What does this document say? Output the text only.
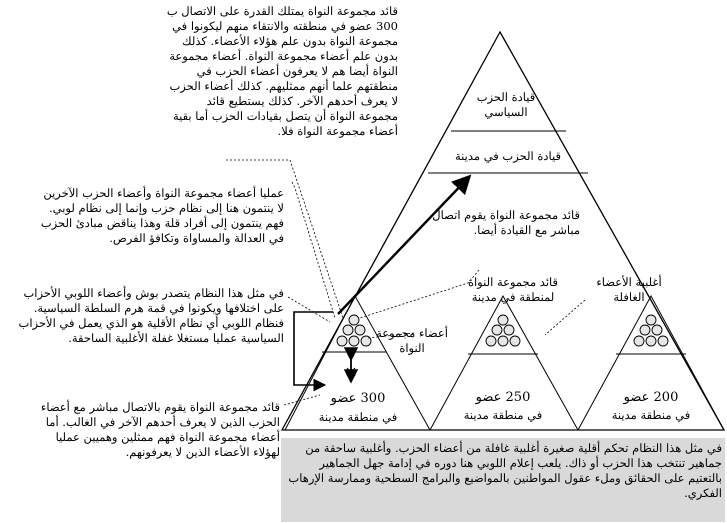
قائد مجموعة النواة يمتلك القدرة على الاتصال ب 300 عضو في منطقته والانتقاء منهم ليكونوا في مجموعة النواة بدون علم هؤلاء الأعضاء. كذلك بدون علم أعضاء مجموعة النواة. أعضاء مجموعة النواة أيضا هم لا يعرفون أعضاء الحزب في منطقتهم علما أنهم ممثليهم. كذلك أعضاء الحزب لا يعرف أحدهم الآخر. كذلك يستطيع قائد مجموعة النواة أن يتصل بقيادات الحزب أما بقية أعضاء مجموعة النواة فلا.
عمليا أعضاء مجموعة النواة وأعضاء الحزب الآخرين لا ينتمون هنا إلى نظام حزب وإنما إلى نظام لوبي. فهم ينتمون إلى أفراد قلة وهذا يناقض مبادئ الحزب في العدالة والمساواة وتكافؤ الفرص.
في مثل هذا النظام يتصدر بوش وأعضاء اللوبي الأحزاب على اختلافها ويكونوا في قمة هرم السلطة السياسية. فنظام اللوبي أي نظام الأقلية هو الذي يعمل في الأحزاب السياسية عمليا مستغلا غفلة الأغلبية الساحقة.
قائد مجموعة النواة يقوم بالاتصال مباشر مع أعضاء الحزب الذين لا يعرف أحدهم الآخر في الغالب. أما أعضاء مجموعة النواة فهم ممثلين وهميين عمليا لهؤلاء الأعضاء الذين لا يعرفونهم.
قيادة الحزب السياسي
قيادة الحزب في مدينة
قائد مجموعة النواة يقوم اتصال مباشر مع القيادة أيضا.
قائد مجموعة النواة لمنطقة في مدينة
أعضاء مجموعة النواة
أغلبية الأعضاء الغافلة
300 عضو
في منطقة مدينة
250 عضو
في منطقة مدينة
200 عضو
في منطقة مدينة
في مثل هذا النظام تحكم أقلية صغيرة أغلبية غافلة من أعضاء الحزب. وأغلبية ساحقة من جماهير تنتخب هذا الحزب أو ذاك. يلعب إعلام اللوبي هنا دوره في إدامة جهل الجماهير بالتعتيم على الحقائق وملء عقول المواطنين بالمواضيع والبرامج السطحية وممارسة الإرهاب الفكري.
